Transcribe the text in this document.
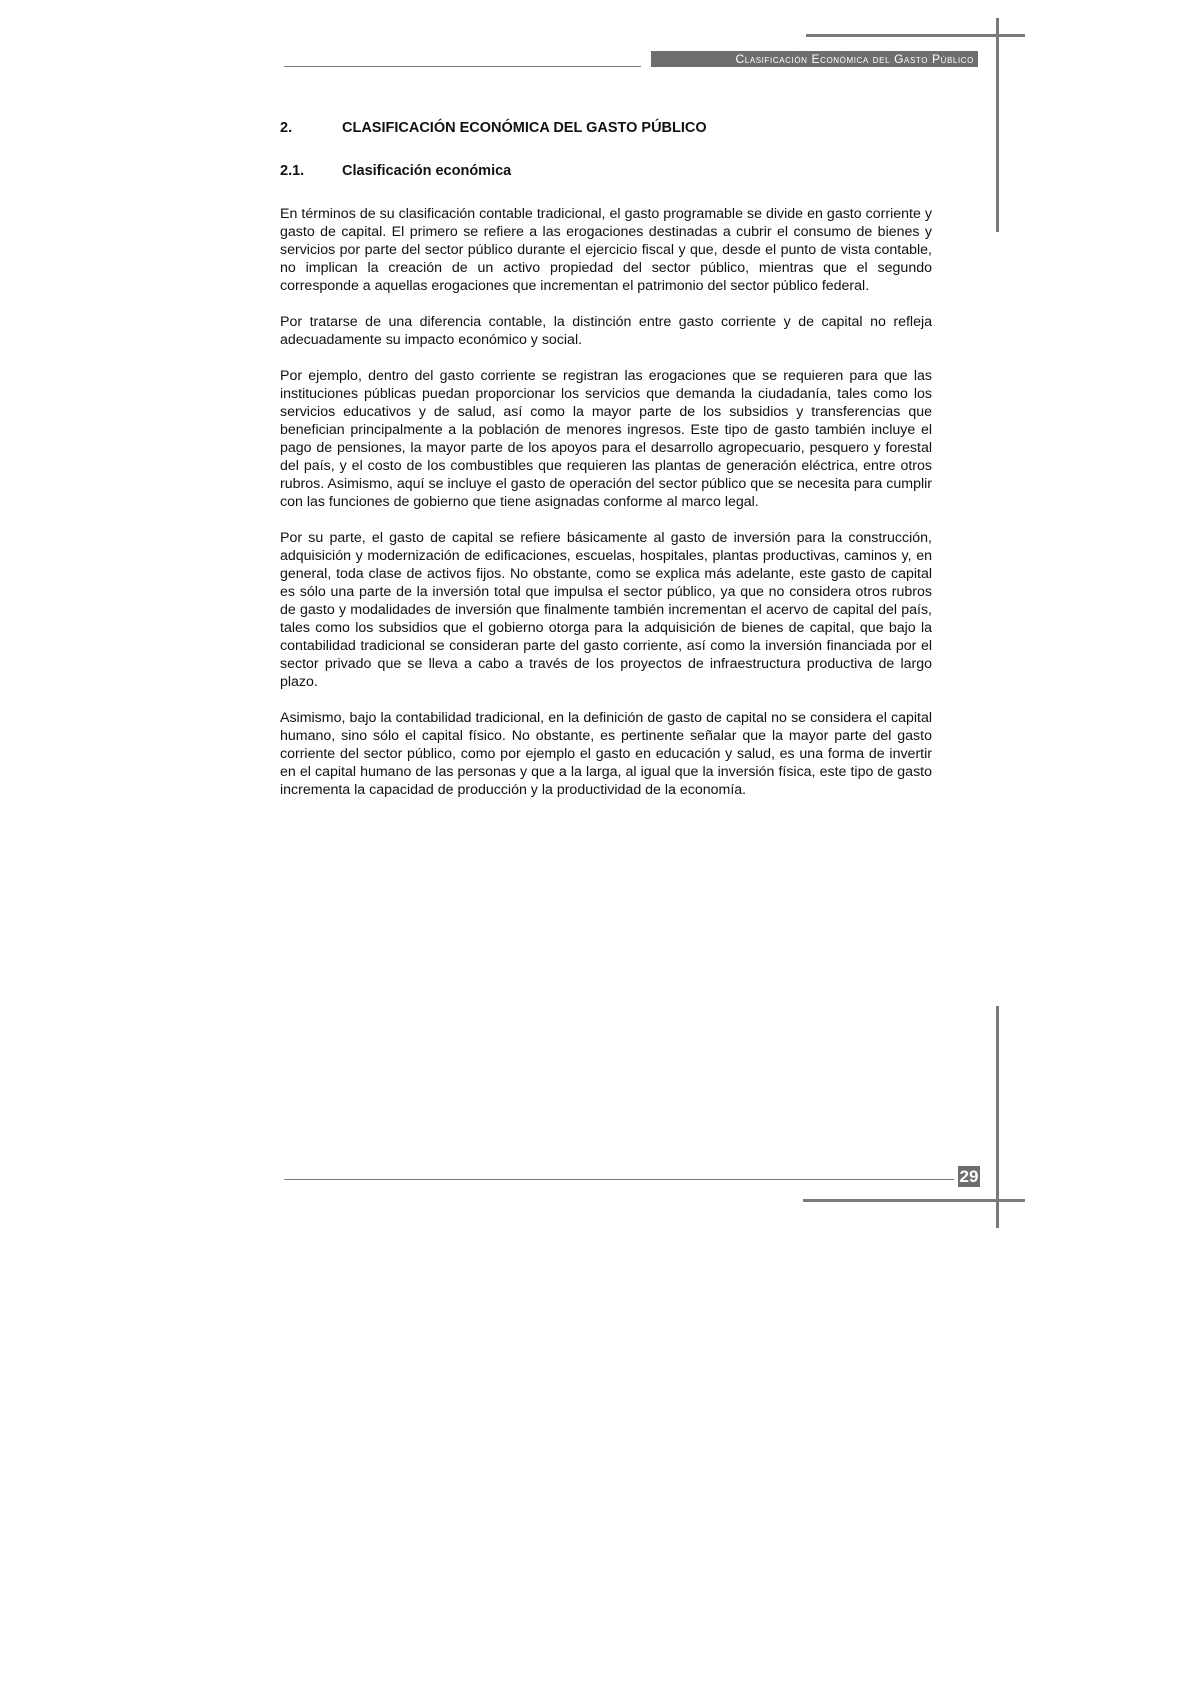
Clasificación Económica del Gasto Público
2.	CLASIFICACIÓN ECONÓMICA DEL GASTO PÚBLICO
2.1.	Clasificación económica

En términos de su clasificación contable tradicional, el gasto programable se divide en gasto corriente y gasto de capital. El primero se refiere a las erogaciones destinadas a cubrir el consumo de bienes y servicios por parte del sector público durante el ejercicio fiscal y que, desde el punto de vista contable, no implican la creación de un activo propiedad del sector público, mientras que el segundo corresponde a aquellas erogaciones que incrementan el patrimonio del sector público federal.

Por tratarse de una diferencia contable, la distinción entre gasto corriente y de capital no refleja adecuadamente su impacto económico y social.

Por ejemplo, dentro del gasto corriente se registran las erogaciones que se requieren para que las instituciones públicas puedan proporcionar los servicios que demanda la ciudadanía, tales como los servicios educativos y de salud, así como la mayor parte de los subsidios y transferencias que benefician principalmente a la población de menores ingresos. Este tipo de gasto también incluye el pago de pensiones, la mayor parte de los apoyos para el desarrollo agropecuario, pesquero y forestal del país, y el costo de los combustibles que requieren las plantas de generación eléctrica, entre otros rubros. Asimismo, aquí se incluye el gasto de operación del sector público que se necesita para cumplir con las funciones de gobierno que tiene asignadas conforme al marco legal.

Por su parte, el gasto de capital se refiere básicamente al gasto de inversión para la construcción, adquisición y modernización de edificaciones, escuelas, hospitales, plantas productivas, caminos y, en general, toda clase de activos fijos. No obstante, como se explica más adelante, este gasto de capital es sólo una parte de la inversión total que impulsa el sector público, ya que no considera otros rubros de gasto y modalidades de inversión que finalmente también incrementan el acervo de capital del país, tales como los subsidios que el gobierno otorga para la adquisición de bienes de capital, que bajo la contabilidad tradicional se consideran parte del gasto corriente, así como la inversión financiada por el sector privado que se lleva a cabo a través de los proyectos de infraestructura productiva de largo plazo.

Asimismo, bajo la contabilidad tradicional, en la definición de gasto de capital no se considera el capital humano, sino sólo el capital físico. No obstante, es pertinente señalar que la mayor parte del gasto corriente del sector público, como por ejemplo el gasto en educación y salud, es una forma de invertir en el capital humano de las personas y que a la larga, al igual que la inversión física, este tipo de gasto incrementa la capacidad de producción y la productividad de la economía.

29
